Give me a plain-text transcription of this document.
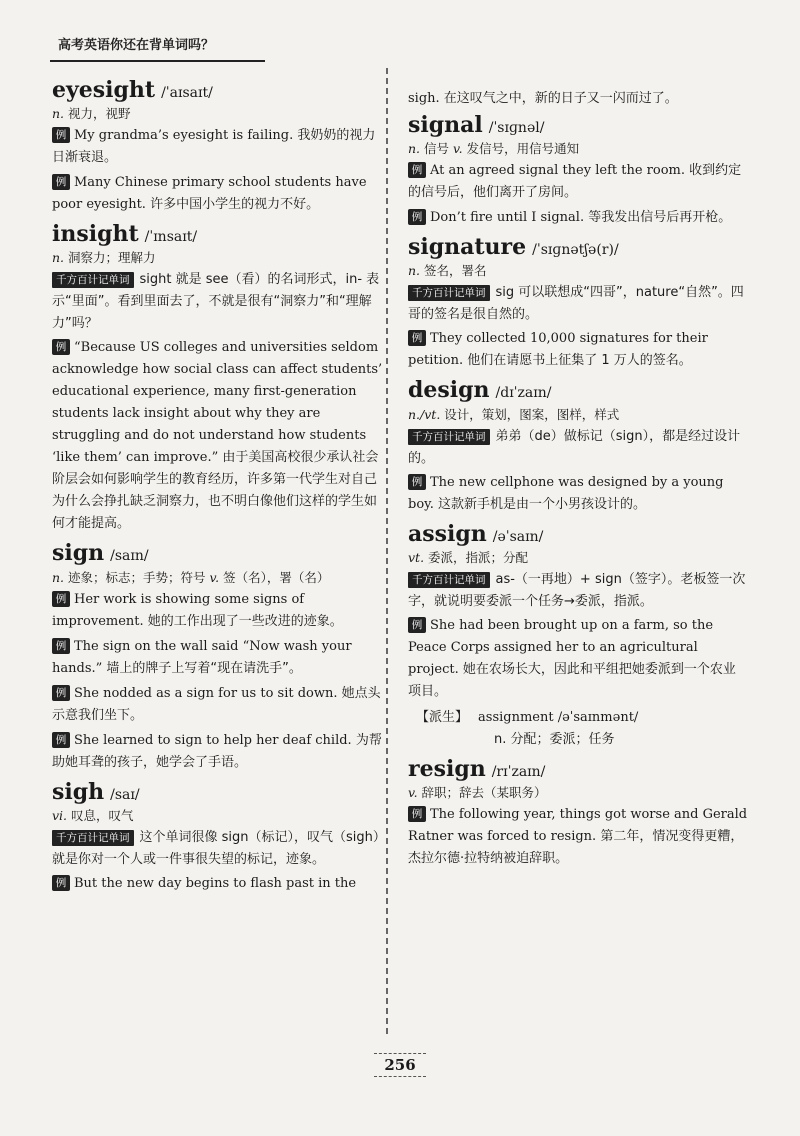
高考英语你还在背单词吗？
eyesight /ˈaɪsaɪt/
n. 视力，视野
例 My grandma’s eyesight is failing. 我奶奶的视力日渐衰退。
例 Many Chinese primary school students have poor eyesight. 许多中国小学生的视力不好。
insight /ˈɪnsaɪt/
n. 洞察力；理解力
千方百计记单词 sight 就是 see（看）的名词形式，in- 表示“里面”。看到里面去了，不就是很有“洞察力”和“理解力”吗？
例 “Because US colleges and universities seldom acknowledge how social class can affect students’ educational experience, many first-generation students lack insight about why they are struggling and do not understand how students ‘like them’ can improve.” 由于美国高校很少承认社会阶层会如何影响学生的教育经历，许多第一代学生对自己为什么会挣扎缺乏洞察力，也不明白像他们这样的学生如何才能提高。
sign /saɪn/
n. 迹象；标志；手势；符号 v. 签（名），署（名）
例 Her work is showing some signs of improvement. 她的工作出现了一些改进的迹象。
例 The sign on the wall said “Now wash your hands.” 墙上的牌子上写着“现在请洗手”。
例 She nodded as a sign for us to sit down. 她点头示意我们坐下。
例 She learned to sign to help her deaf child. 为帮助她耳聋的孩子，她学会了手语。
sigh /saɪ/
vi. 叹息，叹气
千方百计记单词 这个单词很像 sign（标记），叹气（sigh）就是你对一个人或一件事很失望的标记，迹象。
例 But the new day begins to flash past in the
sigh. 在这叹气之中，新的日子又一闪而过了。
signal /ˈsɪɡnəl/
n. 信号 v. 发信号，用信号通知
例 At an agreed signal they left the room. 收到约定的信号后，他们离开了房间。
例 Don’t fire until I signal. 等我发出信号后再开枪。
signature /ˈsɪɡnətʃə(r)/
n. 签名，署名
千方百计记单词 sig 可以联想成“四哥”，nature“自然”。四哥的签名是很自然的。
例 They collected 10,000 signatures for their petition. 他们在请愿书上征集了 1 万人的签名。
design /dɪˈzaɪn/
n./vt. 设计，策划，图案，图样，样式
千方百计记单词 弟弟（de）做标记（sign），都是经过设计的。
例 The new cellphone was designed by a young boy. 这款新手机是由一个小男孩设计的。
assign /əˈsaɪn/
vt. 委派，指派；分配
千方百计记单词 as-（一再地）+ sign（签字）。老板签一次字，就说明要委派一个任务→委派，指派。
例 She had been brought up on a farm, so the Peace Corps assigned her to an agricultural project. 她在农场长大，因此和平组把她委派到一个农业项目。
【派生】 assignment /əˈsaɪnmənt/
n. 分配；委派；任务
resign /rɪˈzaɪn/
v. 辞职；辞去（某职务）
例 The following year, things got worse and Gerald Ratner was forced to resign. 第二年，情况变得更糟，杰拉尔德·拉特纳被迫辞职。
256
